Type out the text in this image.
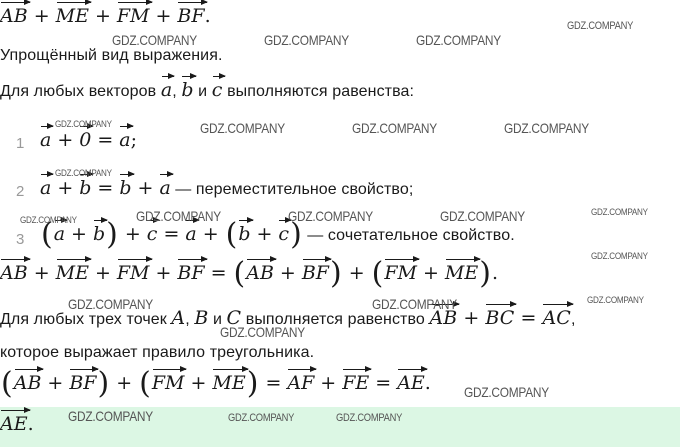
AB + ME + FM + BF.
Упрощённый вид выражения.
Для любых векторов a, b и c выполняются равенства:
1 a + 0 = a;
2 a + b = b + a — переместительное свойство;
3 (a + b) + c = a + (b + c) — сочетательное свойство.
AB + ME + FM + BF = (AB + BF) + (FM + ME).
Для любых трех точек A, B и C выполняется равенство AB + BC = AC,
которое выражает правило треугольника.
(AB + BF) + (FM + ME) = AF + FE = AE.
AE.
GDZ.COMPANY
GDZ.COMPANY	GDZ.COMPANY	GDZ.COMPANY
GDZ.COMPANY	GDZ.COMPANY	GDZ.COMPANY	GDZ.COMPANY
GDZ.COMPANY
GDZ.COMPANY	GDZ.COMPANY	GDZ.COMPANY	GDZ.COMPANY	GDZ.COMPANY
GDZ.COMPANY
GDZ.COMPANY	GDZ.COMPANY	GDZ.COMPANY
GDZ.COMPANY
GDZ.COMPANY
GDZ.COMPANY	GDZ.COMPANY	GDZ.COMPANY
